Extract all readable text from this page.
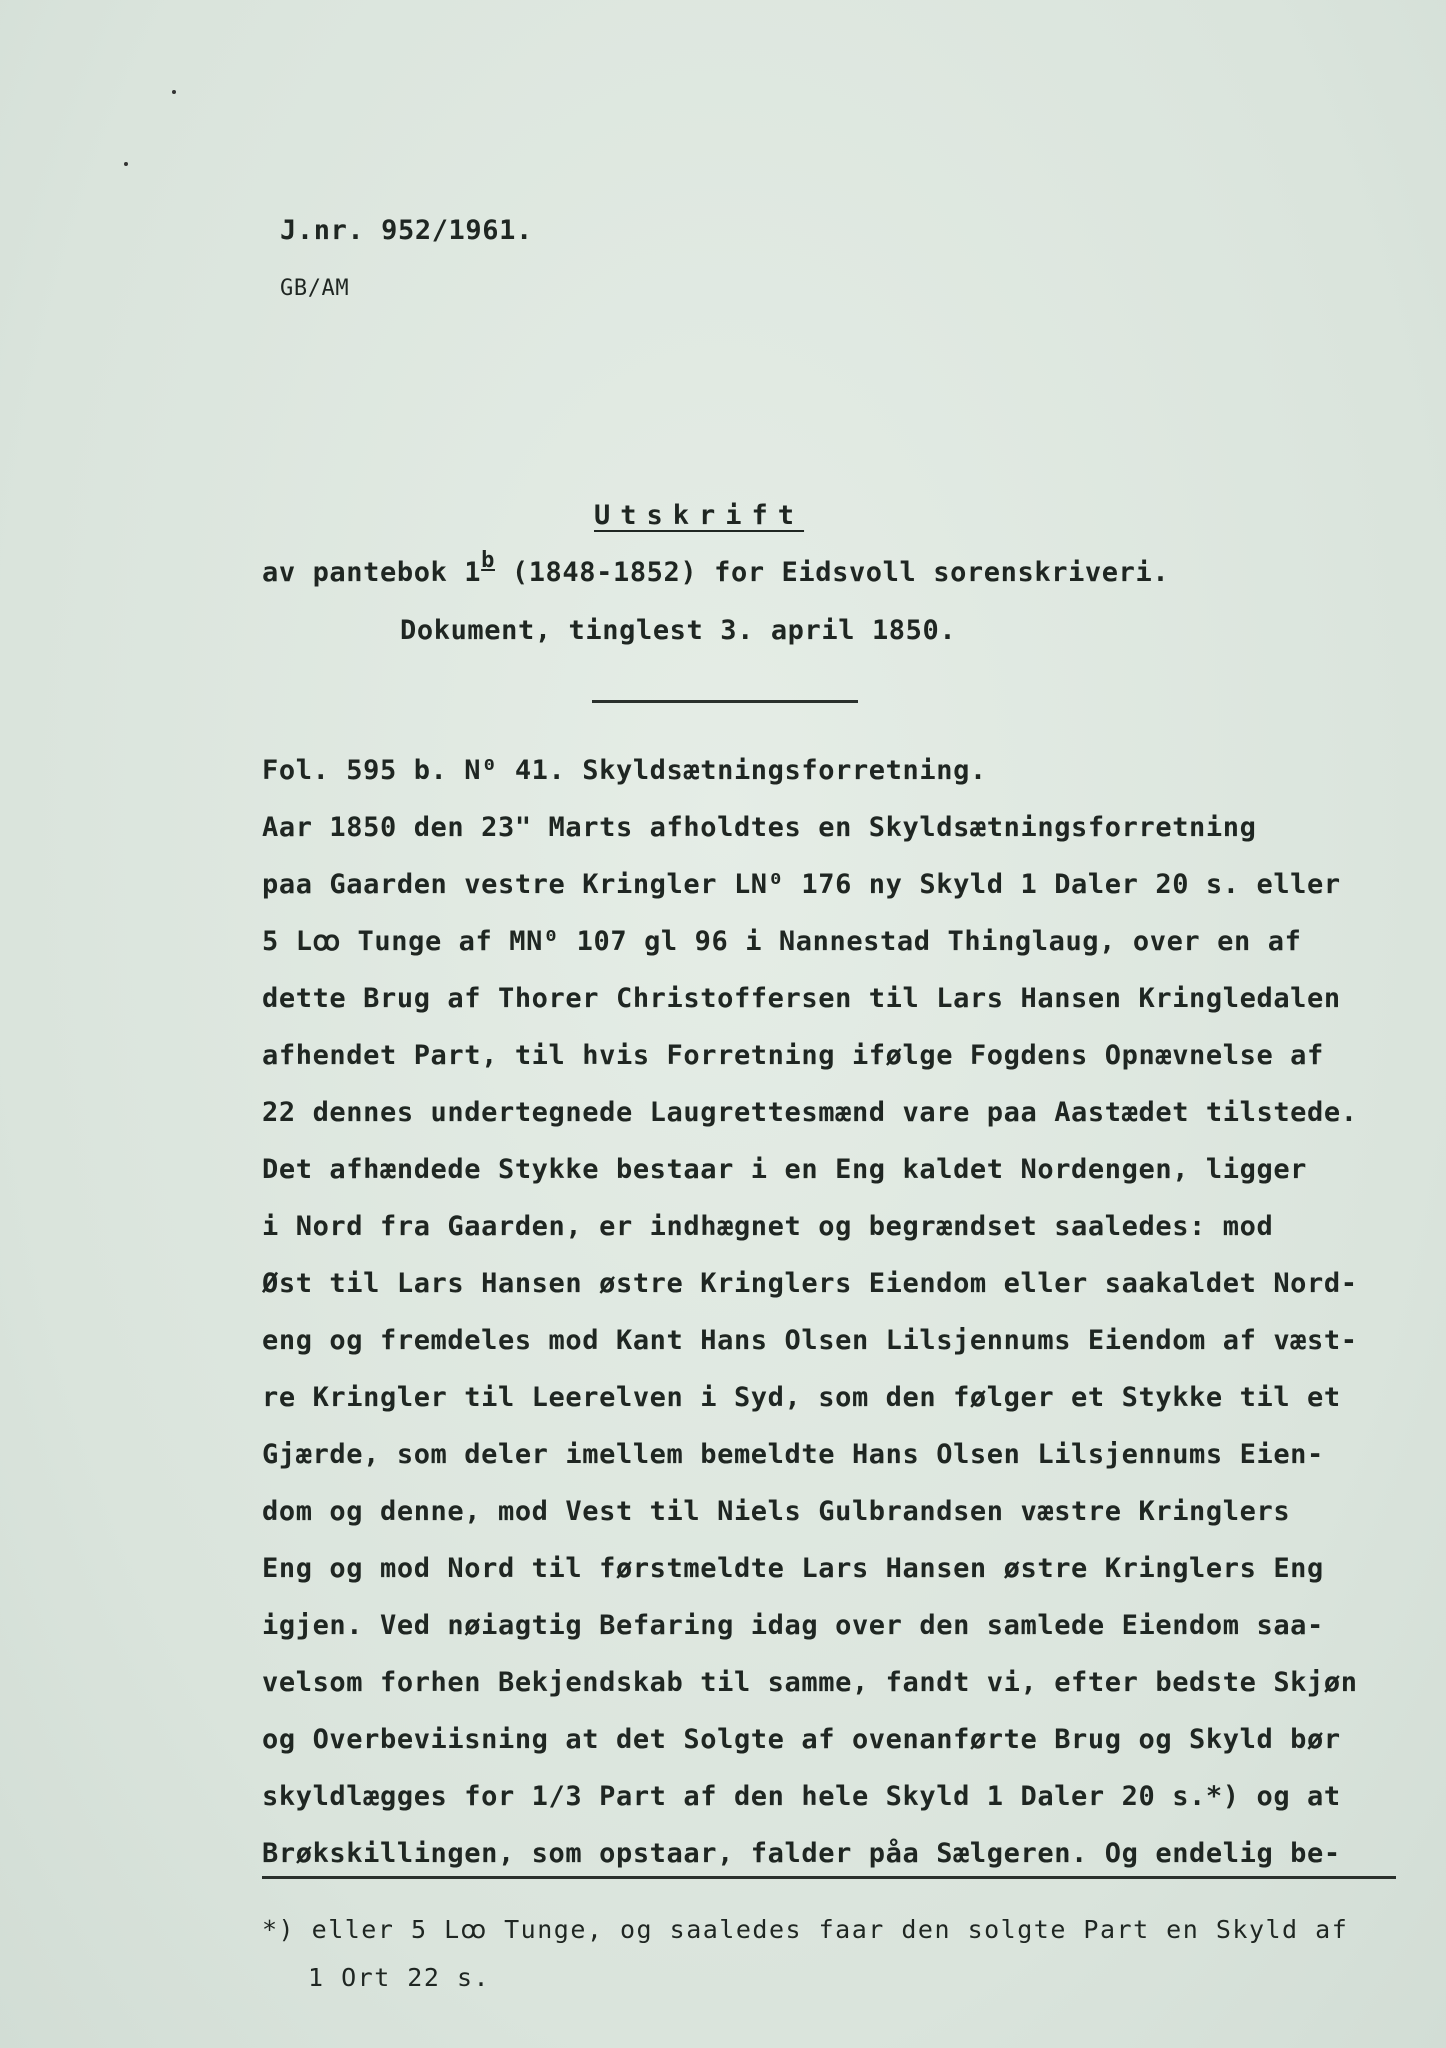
J.nr. 952/1961.
GB/AM
Utskrift
av pantebok 1$^b$ (1848-1852) for Eidsvoll sorenskriveri.
Dokument, tinglest 3. april 1850.
Fol. 595 b. N⁰ 41. Skyldsætningsforretning.
Aar 1850 den 23" Marts afholdtes en Skyldsætningsforretning
paa Gaarden vestre Kringler LN⁰ 176 ny Skyld 1 Daler 20 s. eller
5 Lꝏ Tunge af MN⁰ 107 gl 96 i Nannestad Thinglaug, over en af
dette Brug af Thorer Christoffersen til Lars Hansen Kringledalen
afhendet Part, til hvis Forretning ifølge Fogdens Opnævnelse af
22 dennes undertegnede Laugrettesmænd vare paa Aastædet tilstede.
Det afhændede Stykke bestaar i en Eng kaldet Nordengen, ligger
i Nord fra Gaarden, er indhægnet og begrændset saaledes: mod
Øst til Lars Hansen østre Kringlers Eiendom eller saakaldet Nord-
eng og fremdeles mod Kant Hans Olsen Lilsjennums Eiendom af væst-
re Kringler til Leerelven i Syd, som den følger et Stykke til et
Gjærde, som deler imellem bemeldte Hans Olsen Lilsjennums Eien-
dom og denne, mod Vest til Niels Gulbrandsen væstre Kringlers
Eng og mod Nord til førstmeldte Lars Hansen østre Kringlers Eng
igjen. Ved nøiagtig Befaring idag over den samlede Eiendom saa-
velsom forhen Bekjendskab til samme, fandt vi, efter bedste Skjøn
og Overbeviisning at det Solgte af ovenanførte Brug og Skyld bør
skyldlægges for 1/3 Part af den hele Skyld 1 Daler 20 s.*) og at
Brøkskillingen, som opstaar, falder påa Sælgeren. Og endelig be-
*) eller 5 Lꝏ Tunge, og saaledes faar den solgte Part en Skyld af
1 Ort 22 s.
